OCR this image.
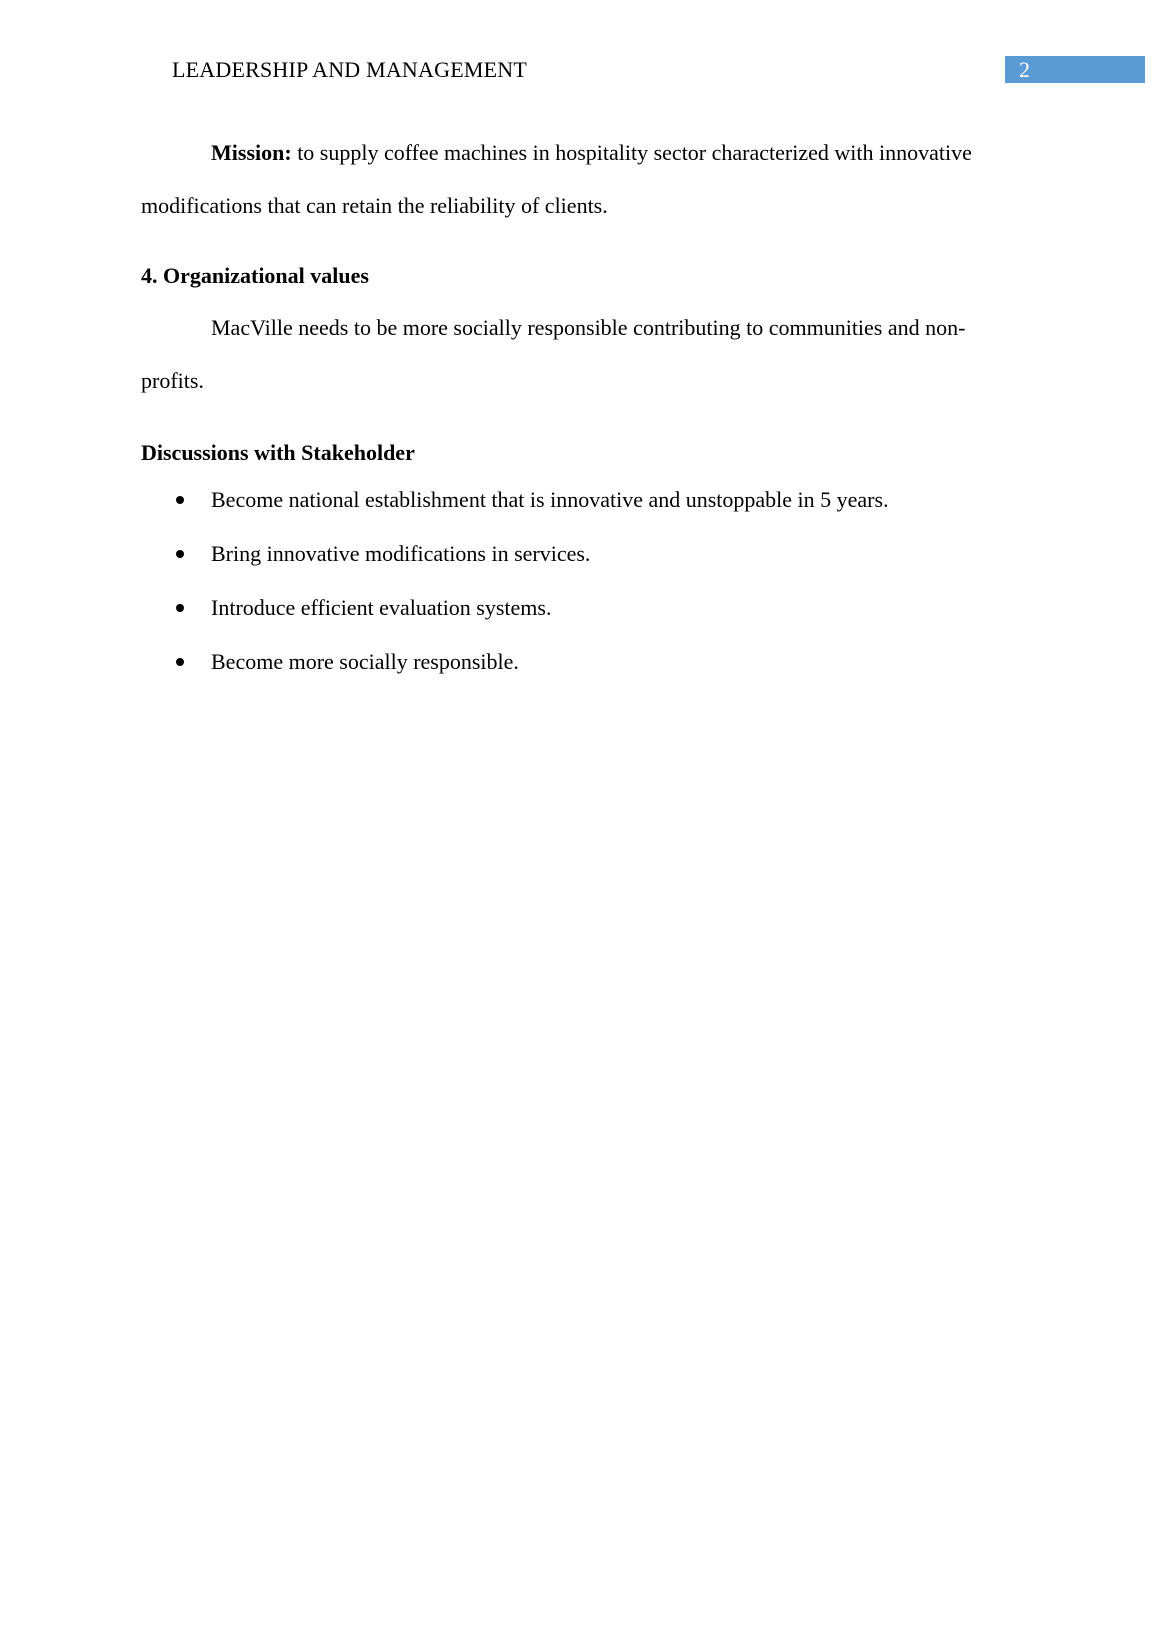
LEADERSHIP AND MANAGEMENT	2
Mission: to supply coffee machines in hospitality sector characterized with innovative
modifications that can retain the reliability of clients.
4. Organizational values
MacVille needs to be more socially responsible contributing to communities and non-
profits.
Discussions with Stakeholder
Become national establishment that is innovative and unstoppable in 5 years.
Bring innovative modifications in services.
Introduce efficient evaluation systems.
Become more socially responsible.
